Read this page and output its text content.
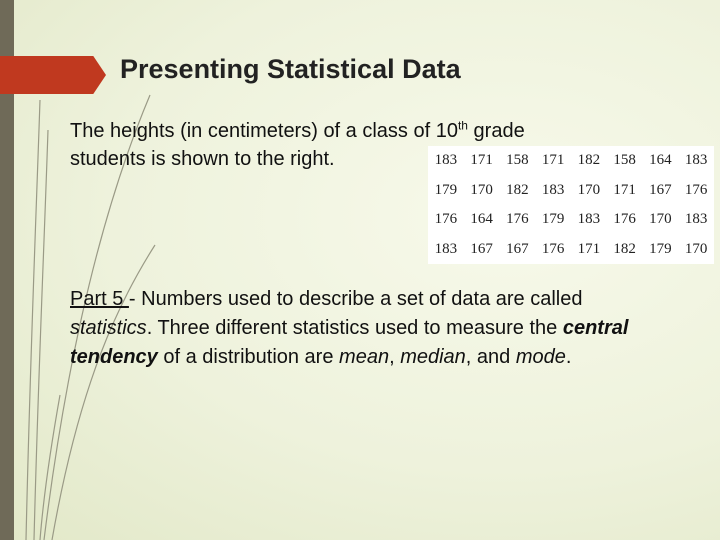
Presenting Statistical Data

The heights (in centimeters) of a class of 10th grade
students is shown to the right.	183	171	158	171	182	158	164	183
179	170	182	183	170	171	167	176
176	164	176	179	183	176	170	183
183	167	167	176	171	182	179	170

Part 5 - Numbers used to describe a set of data are called statistics. Three different statistics used to measure the central tendency of a distribution are mean, median, and mode.
